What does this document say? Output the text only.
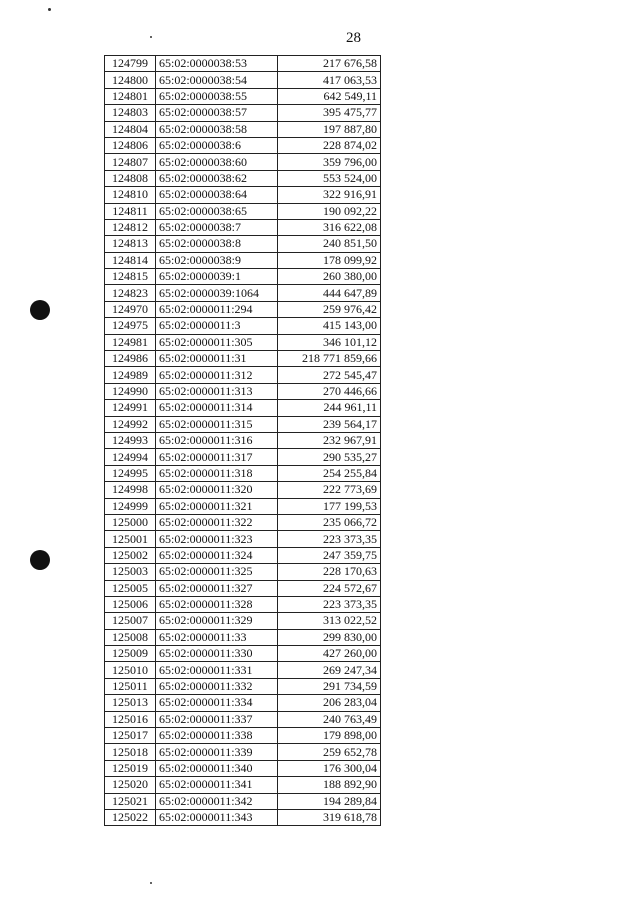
28
124799	65:02:0000038:53	217 676,58
124800	65:02:0000038:54	417 063,53
124801	65:02:0000038:55	642 549,11
124803	65:02:0000038:57	395 475,77
124804	65:02:0000038:58	197 887,80
124806	65:02:0000038:6	228 874,02
124807	65:02:0000038:60	359 796,00
124808	65:02:0000038:62	553 524,00
124810	65:02:0000038:64	322 916,91
124811	65:02:0000038:65	190 092,22
124812	65:02:0000038:7	316 622,08
124813	65:02:0000038:8	240 851,50
124814	65:02:0000038:9	178 099,92
124815	65:02:0000039:1	260 380,00
124823	65:02:0000039:1064	444 647,89
124970	65:02:0000011:294	259 976,42
124975	65:02:0000011:3	415 143,00
124981	65:02:0000011:305	346 101,12
124986	65:02:0000011:31	218 771 859,66
124989	65:02:0000011:312	272 545,47
124990	65:02:0000011:313	270 446,66
124991	65:02:0000011:314	244 961,11
124992	65:02:0000011:315	239 564,17
124993	65:02:0000011:316	232 967,91
124994	65:02:0000011:317	290 535,27
124995	65:02:0000011:318	254 255,84
124998	65:02:0000011:320	222 773,69
124999	65:02:0000011:321	177 199,53
125000	65:02:0000011:322	235 066,72
125001	65:02:0000011:323	223 373,35
125002	65:02:0000011:324	247 359,75
125003	65:02:0000011:325	228 170,63
125005	65:02:0000011:327	224 572,67
125006	65:02:0000011:328	223 373,35
125007	65:02:0000011:329	313 022,52
125008	65:02:0000011:33	299 830,00
125009	65:02:0000011:330	427 260,00
125010	65:02:0000011:331	269 247,34
125011	65:02:0000011:332	291 734,59
125013	65:02:0000011:334	206 283,04
125016	65:02:0000011:337	240 763,49
125017	65:02:0000011:338	179 898,00
125018	65:02:0000011:339	259 652,78
125019	65:02:0000011:340	176 300,04
125020	65:02:0000011:341	188 892,90
125021	65:02:0000011:342	194 289,84
125022	65:02:0000011:343	319 618,78
